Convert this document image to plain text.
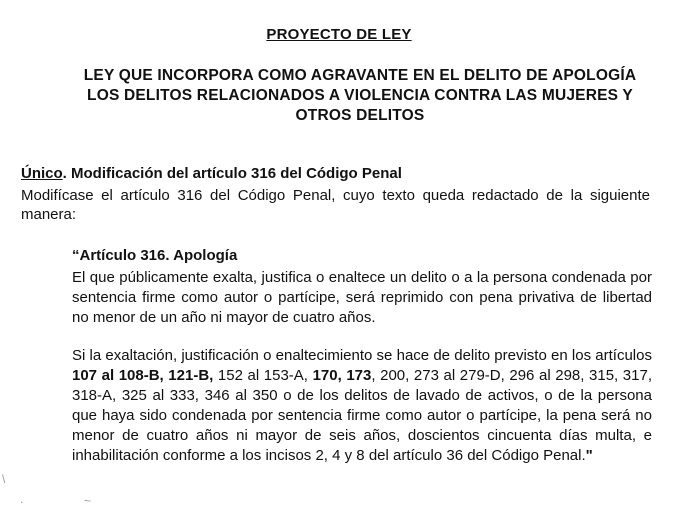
PROYECTO DE LEY
LEY QUE INCORPORA COMO AGRAVANTE EN EL DELITO DE APOLOGÍA LOS DELITOS RELACIONADOS A VIOLENCIA CONTRA LAS MUJERES Y OTROS DELITOS
Único. Modificación del artículo 316 del Código Penal
Modifícase el artículo 316 del Código Penal, cuyo texto queda redactado de la siguiente manera:
“Artículo 316. Apología
El que públicamente exalta, justifica o enaltece un delito o a la persona condenada por sentencia firme como autor o partícipe, será reprimido con pena privativa de libertad no menor de un año ni mayor de cuatro años.
Si la exaltación, justificación o enaltecimiento se hace de delito previsto en los artículos 107 al 108-B, 121-B, 152 al 153-A, 170, 173, 200, 273 al 279-D, 296 al 298, 315, 317, 318-A, 325 al 333, 346 al 350 o de los delitos de lavado de activos, o de la persona que haya sido condenada por sentencia firme como autor o partícipe, la pena será no menor de cuatro años ni mayor de seis años, doscientos cincuenta días multa, e inhabilitación conforme a los incisos 2, 4 y 8 del artículo 36 del Código Penal."
\
.	~
